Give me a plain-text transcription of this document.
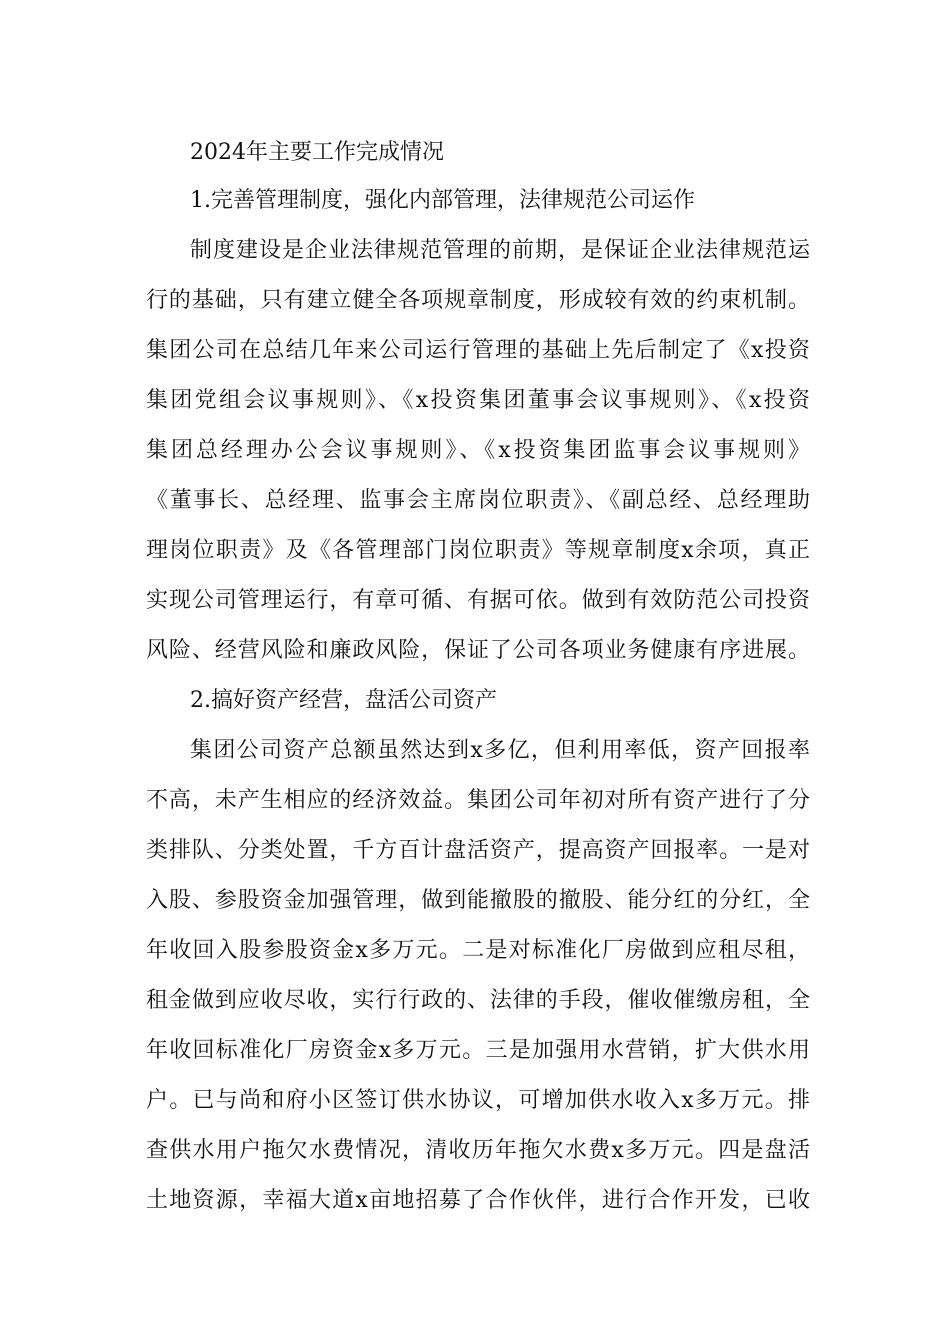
2024年主要工作完成情况

1.完善管理制度，强化内部管理，法律规范公司运作

制度建设是企业法律规范管理的前期，是保证企业法律规范运

行的基础，只有建立健全各项规章制度，形成较有效的约束机制。

集团公司在总结几年来公司运行管理的基础上先后制定了《x投资

集团党组会议事规则》、《x投资集团董事会议事规则》、《x投资

集团总经理办公会议事规则》、《x投资集团监事会议事规则》

《董事长、总经理、监事会主席岗位职责》、《副总经、总经理助

理岗位职责》及《各管理部门岗位职责》等规章制度x余项，真正

实现公司管理运行，有章可循、有据可依。做到有效防范公司投资

风险、经营风险和廉政风险，保证了公司各项业务健康有序进展。

2.搞好资产经营，盘活公司资产

集团公司资产总额虽然达到x多亿，但利用率低，资产回报率

不高，未产生相应的经济效益。集团公司年初对所有资产进行了分

类排队、分类处置，千方百计盘活资产，提高资产回报率。一是对

入股、参股资金加强管理，做到能撤股的撤股、能分红的分红，全

年收回入股参股资金x多万元。二是对标准化厂房做到应租尽租，

租金做到应收尽收，实行行政的、法律的手段，催收催缴房租，全

年收回标准化厂房资金x多万元。三是加强用水营销，扩大供水用

户。已与尚和府小区签订供水协议，可增加供水收入x多万元。排

查供水用户拖欠水费情况，清收历年拖欠水费x多万元。四是盘活

土地资源，幸福大道x亩地招募了合作伙伴，进行合作开发，已收
